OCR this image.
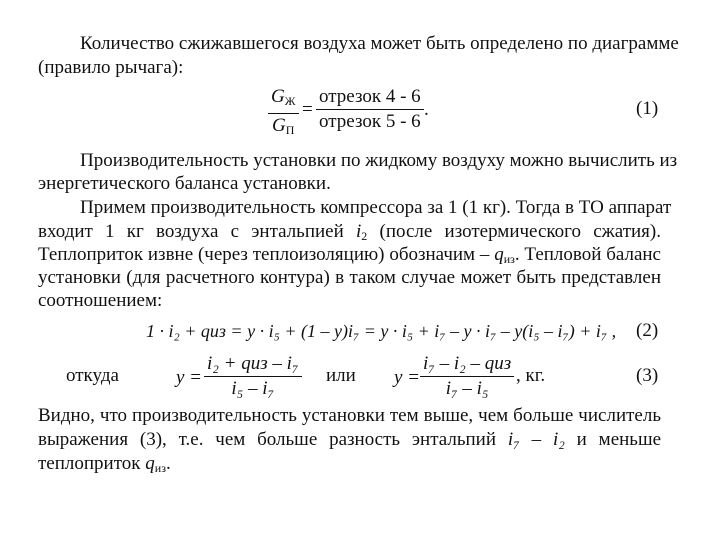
Количество сжижавшегося воздуха может быть определено по диаграмме
(правило рычага):
$G_Ж$
$G_П$
=
отрезок 4 - 6
отрезок 5 - 6
.	(1)
Производительность установки по жидкому воздуху можно вычислить из
энергетического баланса установки.
Примем производительность компрессора за 1 (1 кг). Тогда в ТО аппарат
входит 1 кг воздуха с энтальпией $i_2$ (после изотермического сжатия).
Теплоприток извне (через теплоизоляцию) обозначим – $q_{из}$. Тепловой баланс
установки (для расчетного контура) в таком случае может быть представлен
соотношением:
1 · i₂ + qиз = y · i₅ + (1 – y)i₇ = y · i₅ + i₇ – y · i₇ – y(i₅ – i₇) + i₇ , (2)
откуда	y =
i₂ + qиз – i₇
i₅ – i₇
или y =
i₇ – i₂ – qиз
i₇ – i₅
, кг.	(3)
Видно, что производительность установки тем выше, чем больше числитель
выражения (3), т.е. чем больше разность энтальпий i₇ – i₂ и меньше
теплоприток $q_{из}$.
